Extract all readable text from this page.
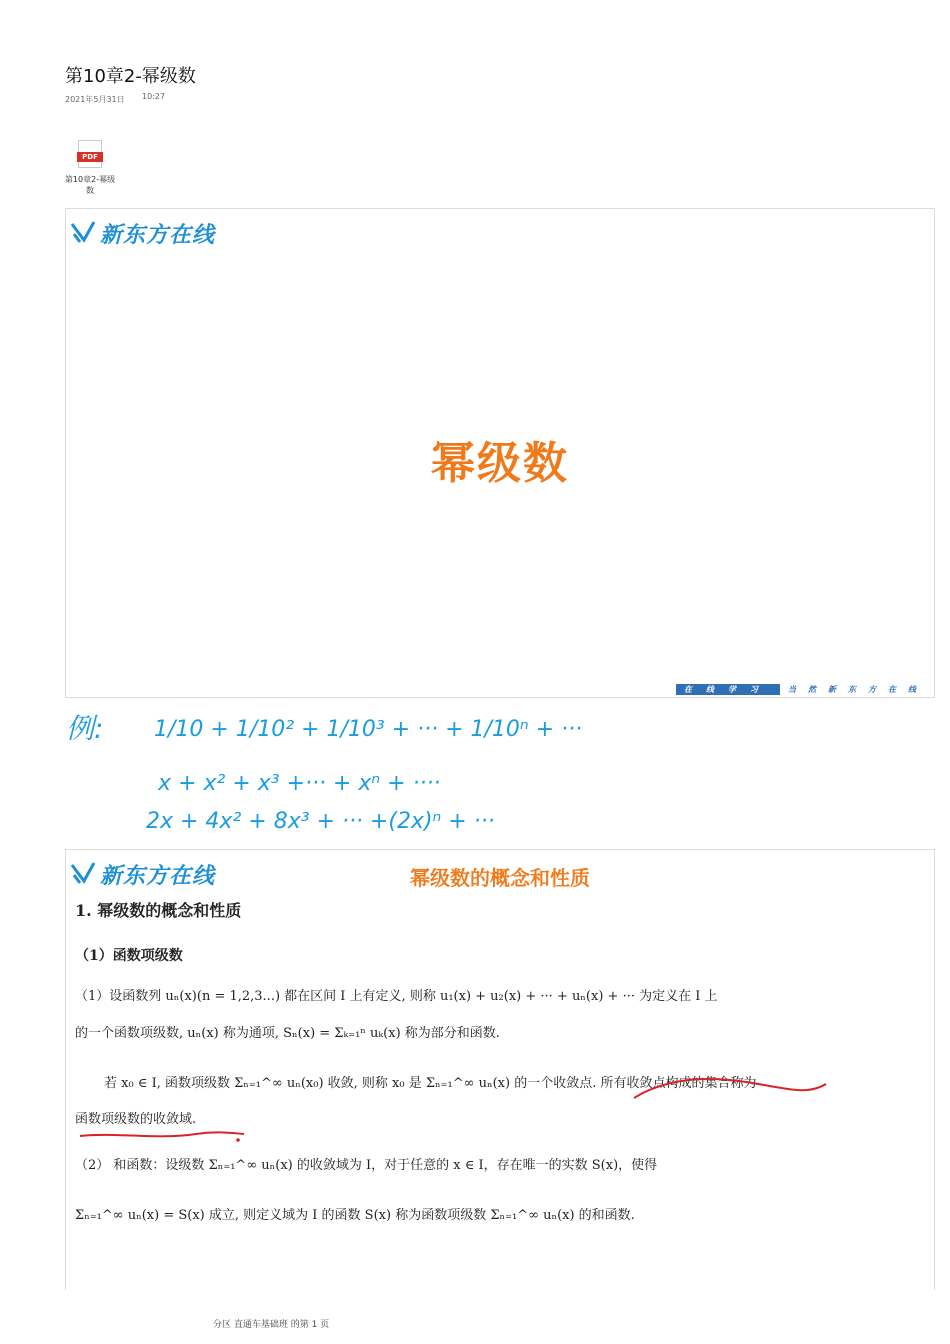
第10章2-幂级数
2021年5月31日 10:27
PDF
第10章2-幂级数
新东方在线
幂级数
在线学习	当然新东方在线
例: 1/10 + 1/10² + 1/10³ + ··· + 1/10ⁿ + ···
x + x² + x³ +··· + xⁿ + ····
2x + 4x² + 8x³ + ··· +(2x)ⁿ + ···
新东方在线	幂级数的概念和性质
1. 幂级数的概念和性质
（1）函数项级数
（1）设函数列 uₙ(x)(n = 1,2,3...) 都在区间 I 上有定义, 则称 u₁(x) + u₂(x) + ··· + uₙ(x) + ··· 为定义在 I 上
的一个函数项级数, uₙ(x) 称为通项, Sₙ(x) = Σₖ₌₁ⁿ uₖ(x) 称为部分和函数.
若 x₀ ∈ I, 函数项级数 Σₙ₌₁^∞ uₙ(x₀) 收敛, 则称 x₀ 是 Σₙ₌₁^∞ uₙ(x) 的一个收敛点. 所有收敛点构成的集合称为
函数项级数的收敛域.
（2） 和函数：设级数 Σₙ₌₁^∞ uₙ(x) 的收敛域为 I，对于任意的 x ∈ I，存在唯一的实数 S(x)，使得
Σₙ₌₁^∞ uₙ(x) = S(x) 成立, 则定义域为 I 的函数 S(x) 称为函数项级数 Σₙ₌₁^∞ uₙ(x) 的和函数.
分区 直通车基础班 的第 1 页
